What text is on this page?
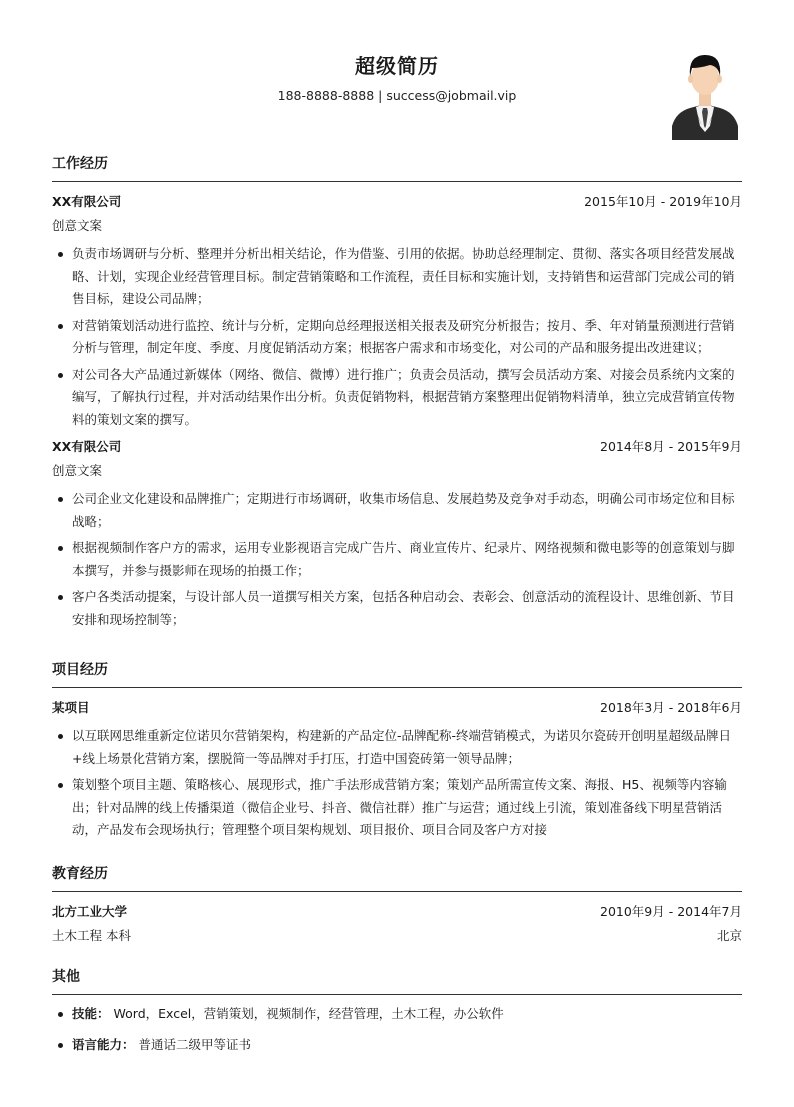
超级简历
188-8888-8888 | success@jobmail.vip
工作经历
XX有限公司	2015年10月 - 2019年10月
创意文案
负责市场调研与分析、整理并分析出相关结论，作为借鉴、引用的依据。协助总经理制定、贯彻、落实各项目经营发展战略、计划，实现企业经营管理目标。制定营销策略和工作流程，责任目标和实施计划，支持销售和运营部门完成公司的销售目标，建设公司品牌；
对营销策划活动进行监控、统计与分析，定期向总经理报送相关报表及研究分析报告；按月、季、年对销量预测进行营销分析与管理，制定年度、季度、月度促销活动方案；根据客户需求和市场变化，对公司的产品和服务提出改进建议；
对公司各大产品通过新媒体（网络、微信、微博）进行推广；负责会员活动，撰写会员活动方案、对接会员系统内文案的编写，了解执行过程，并对活动结果作出分析。负责促销物料，根据营销方案整理出促销物料清单，独立完成营销宣传物料的策划文案的撰写。
XX有限公司	2014年8月 - 2015年9月
创意文案
公司企业文化建设和品牌推广；定期进行市场调研，收集市场信息、发展趋势及竞争对手动态，明确公司市场定位和目标战略；
根据视频制作客户方的需求，运用专业影视语言完成广告片、商业宣传片、纪录片、网络视频和微电影等的创意策划与脚本撰写，并参与摄影师在现场的拍摄工作；
客户各类活动提案，与设计部人员一道撰写相关方案，包括各种启动会、表彰会、创意活动的流程设计、思维创新、节目安排和现场控制等；
项目经历
某项目	2018年3月 - 2018年6月
以互联网思维重新定位诺贝尔营销架构，构建新的产品定位-品牌配称-终端营销模式，为诺贝尔瓷砖开创明星超级品牌日+线上场景化营销方案，摆脱简一等品牌对手打压，打造中国瓷砖第一领导品牌；
策划整个项目主题、策略核心、展现形式，推广手法形成营销方案；策划产品所需宣传文案、海报、H5、视频等内容输出；针对品牌的线上传播渠道（微信企业号、抖音、微信社群）推广与运营；通过线上引流，策划准备线下明星营销活动，产品发布会现场执行；管理整个项目架构规划、项目报价、项目合同及客户方对接
教育经历
北方工业大学	2010年9月 - 2014年7月
土木工程 本科	北京
其他
技能： Word，Excel，营销策划，视频制作，经营管理，土木工程，办公软件
语言能力： 普通话二级甲等证书
